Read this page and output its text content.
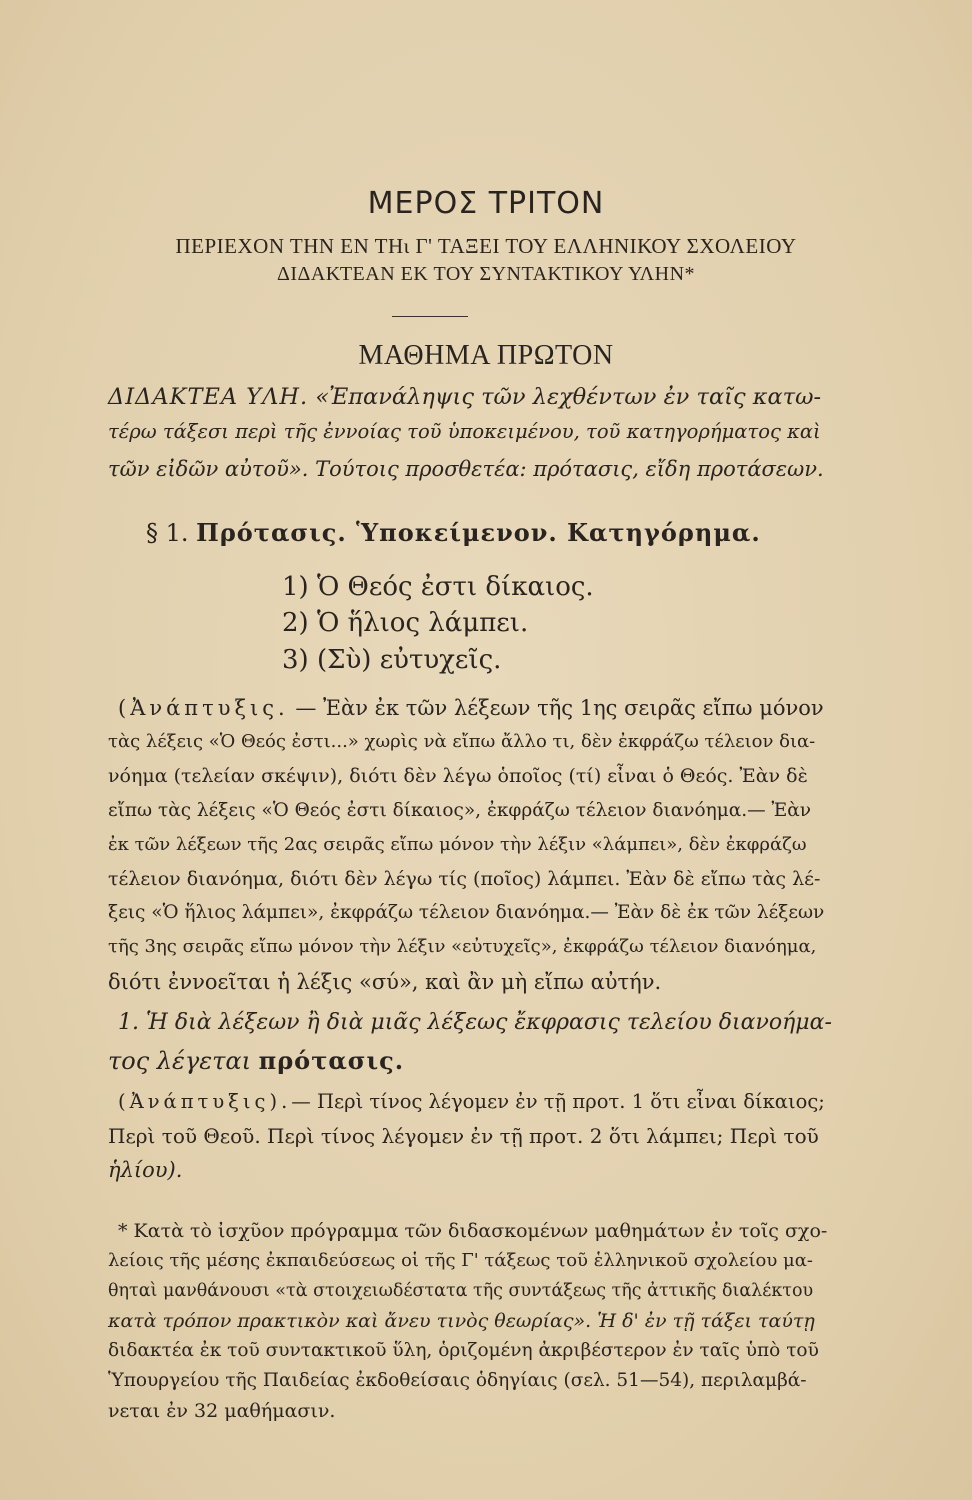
ΜΕΡΟΣ ΤΡΙΤΟΝ
ΠΕΡΙΕΧΟΝ ΤΗΝ ΕΝ ΤΗι Γ' ΤΑΞΕΙ ΤΟΥ ΕΛΛΗΝΙΚΟΥ ΣΧΟΛΕΙΟΥ
ΔΙΔΑΚΤΕΑΝ ΕΚ ΤΟΥ ΣΥΝΤΑΚΤΙΚΟΥ ΥΛΗΝ*
ΜΑΘΗΜΑ ΠΡΩΤΟΝ
ΔΙΔΑΚΤΕΑ ΥΛΗ. «Ἐπανάληψις τῶν λεχθέντων ἐν ταῖς κατω-
τέρω τάξεσι περὶ τῆς ἐννοίας τοῦ ὑποκειμένου, τοῦ κατηγορήματος καὶ
τῶν εἰδῶν αὐτοῦ». Τούτοις προσθετέα: πρότασις, εἴδη προτάσεων.
§ 1. Πρότασις. Ὑποκείμενον. Κατηγόρημα.
1) Ὁ Θεός ἐστι δίκαιος.
2) Ὁ ἥλιος λάμπει.
3) (Σὺ) εὐτυχεῖς.
(Ἀνάπτυξις. — Ἐὰν ἐκ τῶν λέξεων τῆς 1ης σειρᾶς εἴπω μόνον
τὰς λέξεις «Ὁ Θεός ἐστι...» χωρὶς νὰ εἴπω ἄλλο τι, δὲν ἐκφράζω τέλειον δια-
νόημα (τελείαν σκέψιν), διότι δὲν λέγω ὁποῖος (τί) εἶναι ὁ Θεός. Ἐὰν δὲ
εἴπω τὰς λέξεις «Ὁ Θεός ἐστι δίκαιος», ἐκφράζω τέλειον διανόημα.— Ἐὰν
ἐκ τῶν λέξεων τῆς 2ας σειρᾶς εἴπω μόνον τὴν λέξιν «λάμπει», δὲν ἐκφράζω
τέλειον διανόημα, διότι δὲν λέγω τίς (ποῖος) λάμπει. Ἐὰν δὲ εἴπω τὰς λέ-
ξεις «Ὁ ἥλιος λάμπει», ἐκφράζω τέλειον διανόημα.— Ἐὰν δὲ ἐκ τῶν λέξεων
τῆς 3ης σειρᾶς εἴπω μόνον τὴν λέξιν «εὐτυχεῖς», ἐκφράζω τέλειον διανόημα,
διότι ἐννοεῖται ἡ λέξις «σύ», καὶ ἂν μὴ εἴπω αὐτήν.
1. Ἡ διὰ λέξεων ἢ διὰ μιᾶς λέξεως ἔκφρασις τελείου διανοήμα-
τος λέγεται πρότασις.
(Ἀνάπτυξις).— Περὶ τίνος λέγομεν ἐν τῇ προτ. 1 ὅτι εἶναι δίκαιος;
Περὶ τοῦ Θεοῦ. Περὶ τίνος λέγομεν ἐν τῇ προτ. 2 ὅτι λάμπει; Περὶ τοῦ
ἡλίου).
* Κατὰ τὸ ἰσχῦον πρόγραμμα τῶν διδασκομένων μαθημάτων ἐν τοῖς σχο-
λείοις τῆς μέσης ἐκπαιδεύσεως οἱ τῆς Γ' τάξεως τοῦ ἑλληνικοῦ σχολείου μα-
θηταὶ μανθάνουσι «τὰ στοιχειωδέστατα τῆς συντάξεως τῆς ἀττικῆς διαλέκτου
κατὰ τρόπον πρακτικὸν καὶ ἄνευ τινὸς θεωρίας». Ἡ δ' ἐν τῇ τάξει ταύτῃ
διδακτέα ἐκ τοῦ συντακτικοῦ ὕλη, ὁριζομένη ἀκριβέστερον ἐν ταῖς ὑπὸ τοῦ
Ὑπουργείου τῆς Παιδείας ἐκδοθείσαις ὁδηγίαις (σελ. 51—54), περιλαμβά-
νεται ἐν 32 μαθήμασιν.
